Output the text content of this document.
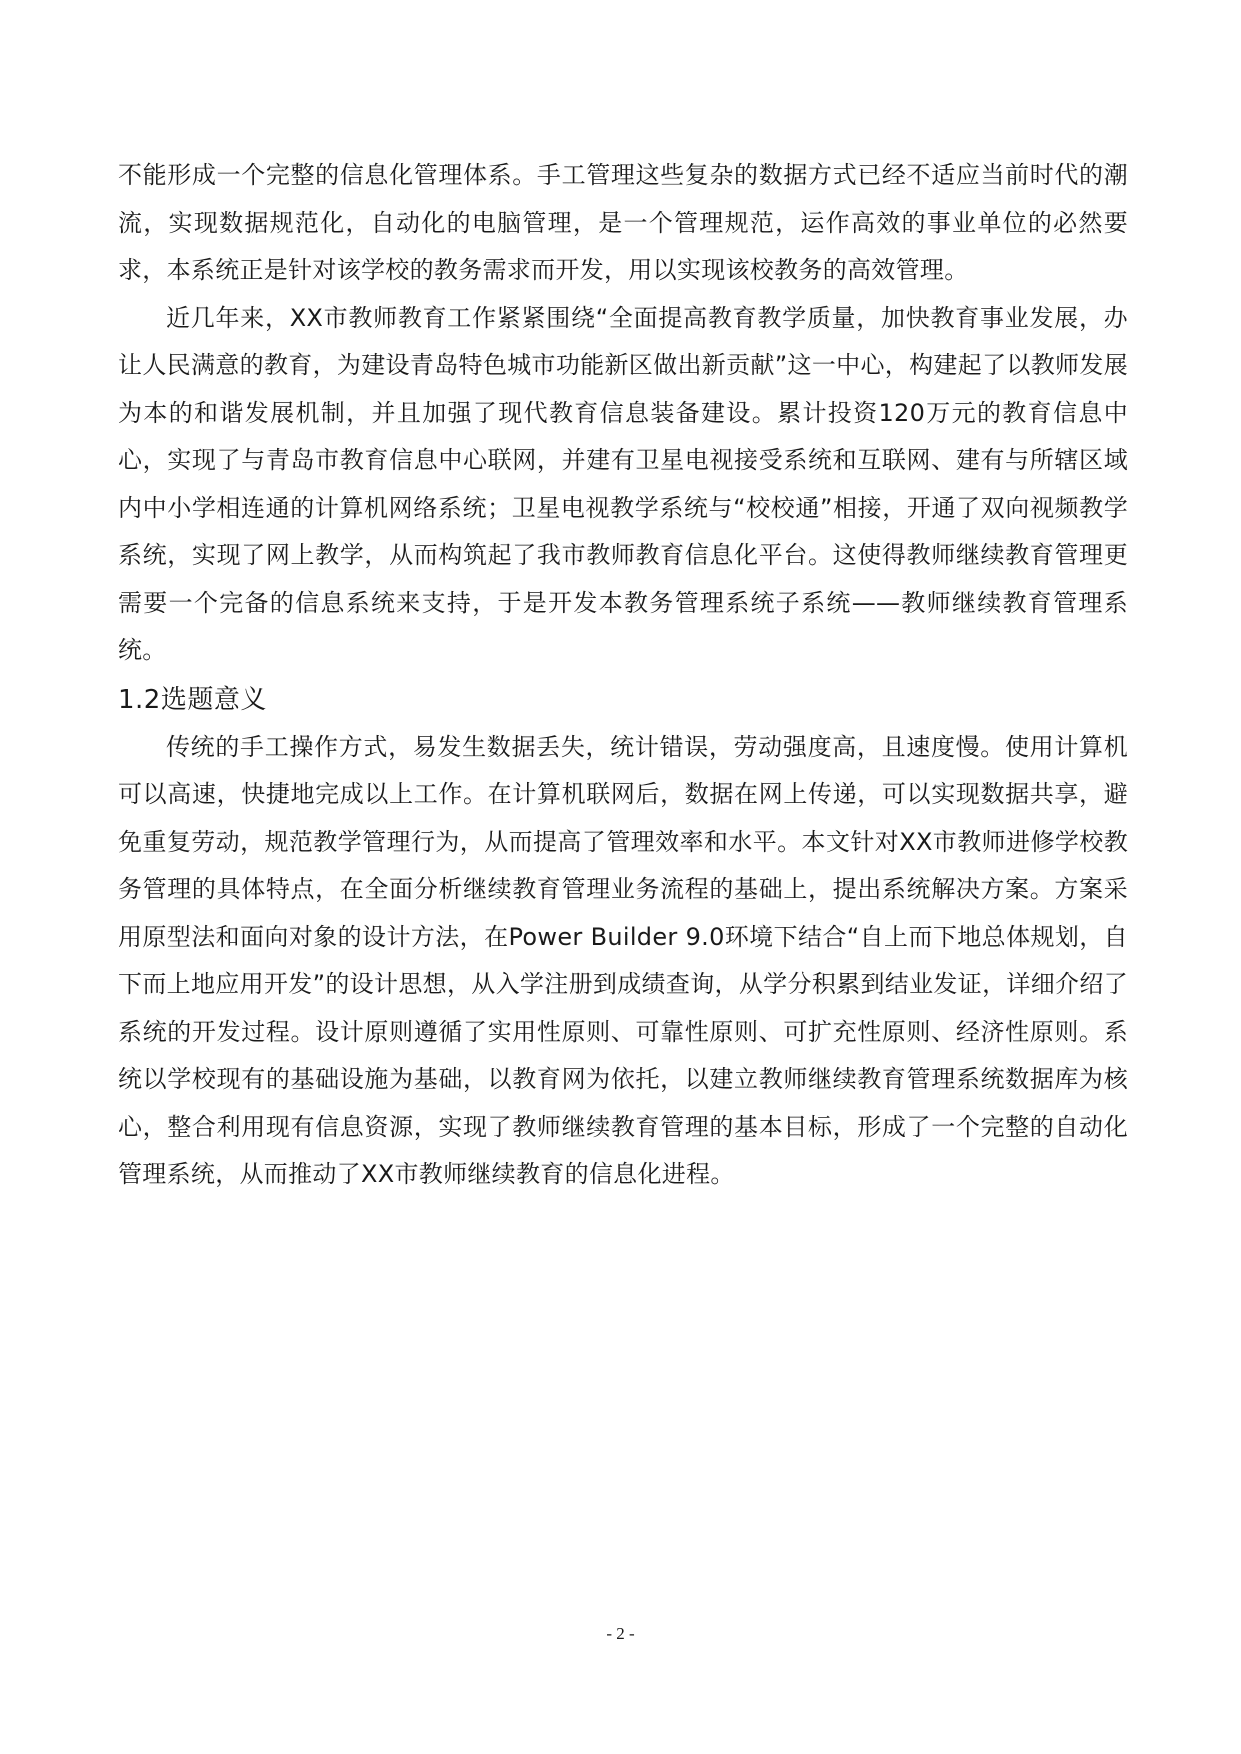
不能形成一个完整的信息化管理体系。手工管理这些复杂的数据方式已经不适应当前时代的潮流，实现数据规范化，自动化的电脑管理，是一个管理规范，运作高效的事业单位的必然要求，本系统正是针对该学校的教务需求而开发，用以实现该校教务的高效管理。

近几年来，XX市教师教育工作紧紧围绕“全面提高教育教学质量，加快教育事业发展，办让人民满意的教育，为建设青岛特色城市功能新区做出新贡献”这一中心，构建起了以教师发展为本的和谐发展机制，并且加强了现代教育信息装备建设。累计投资120万元的教育信息中心，实现了与青岛市教育信息中心联网，并建有卫星电视接受系统和互联网、建有与所辖区域内中小学相连通的计算机网络系统；卫星电视教学系统与“校校通”相接，开通了双向视频教学系统，实现了网上教学，从而构筑起了我市教师教育信息化平台。这使得教师继续教育管理更需要一个完备的信息系统来支持，于是开发本教务管理系统子系统——教师继续教育管理系统。

1.2选题意义

传统的手工操作方式，易发生数据丢失，统计错误，劳动强度高，且速度慢。使用计算机可以高速，快捷地完成以上工作。在计算机联网后，数据在网上传递，可以实现数据共享，避免重复劳动，规范教学管理行为，从而提高了管理效率和水平。本文针对XX市教师进修学校教务管理的具体特点，在全面分析继续教育管理业务流程的基础上，提出系统解决方案。方案采用原型法和面向对象的设计方法，在Power Builder 9.0环境下结合“自上而下地总体规划，自下而上地应用开发”的设计思想，从入学注册到成绩查询，从学分积累到结业发证，详细介绍了系统的开发过程。设计原则遵循了实用性原则、可靠性原则、可扩充性原则、经济性原则。系统以学校现有的基础设施为基础，以教育网为依托，以建立教师继续教育管理系统数据库为核心，整合利用现有信息资源，实现了教师继续教育管理的基本目标，形成了一个完整的自动化管理系统，从而推动了XX市教师继续教育的信息化进程。

- 2 -
